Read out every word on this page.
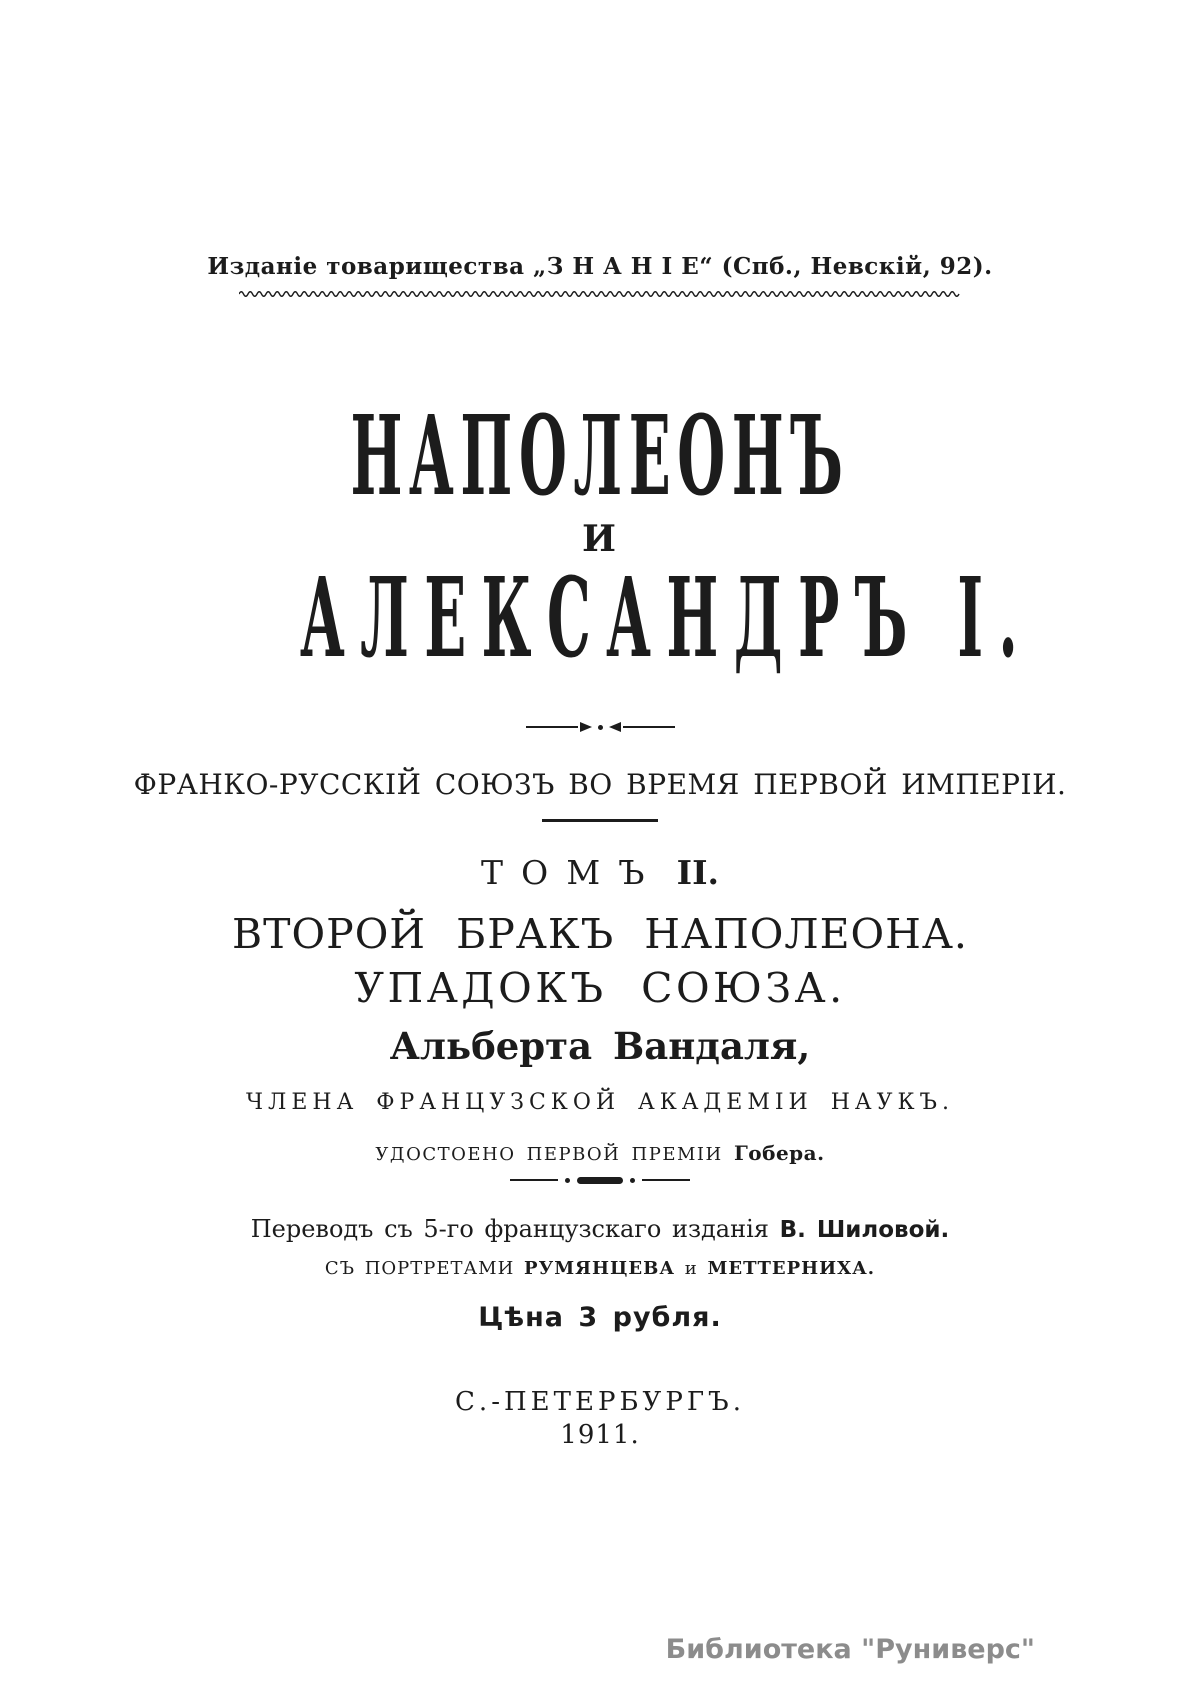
Изданіе товарищества „З Н А Н І Е“ (Спб., Невскій, 92).
НАПОЛЕОНЪ
И
АЛЕКСАНДРЪ I.
ФРАНКО-РУССКІЙ СОЮЗЪ ВО ВРЕМЯ ПЕРВОЙ ИМПЕРІИ.
ТОМЪ II.
ВТОРОЙ БРАКЪ НАПОЛЕОНА.
УПАДОКЪ СОЮЗА.
Альберта Вандаля,
ЧЛЕНА ФРАНЦУЗСКОЙ АКАДЕМІИ НАУКЪ.
УДОСТОЕНО ПЕРВОЙ ПРЕМІИ Гобера.
Переводъ съ 5-го французскаго изданія В. Шиловой.
СЪ ПОРТРЕТАМИ РУМЯНЦЕВА и МЕТТЕРНИХА.
Цѣна 3 рубля.
С.-ПЕТЕРБУРГЪ.
1911.
Библиотека "Руниверс"
